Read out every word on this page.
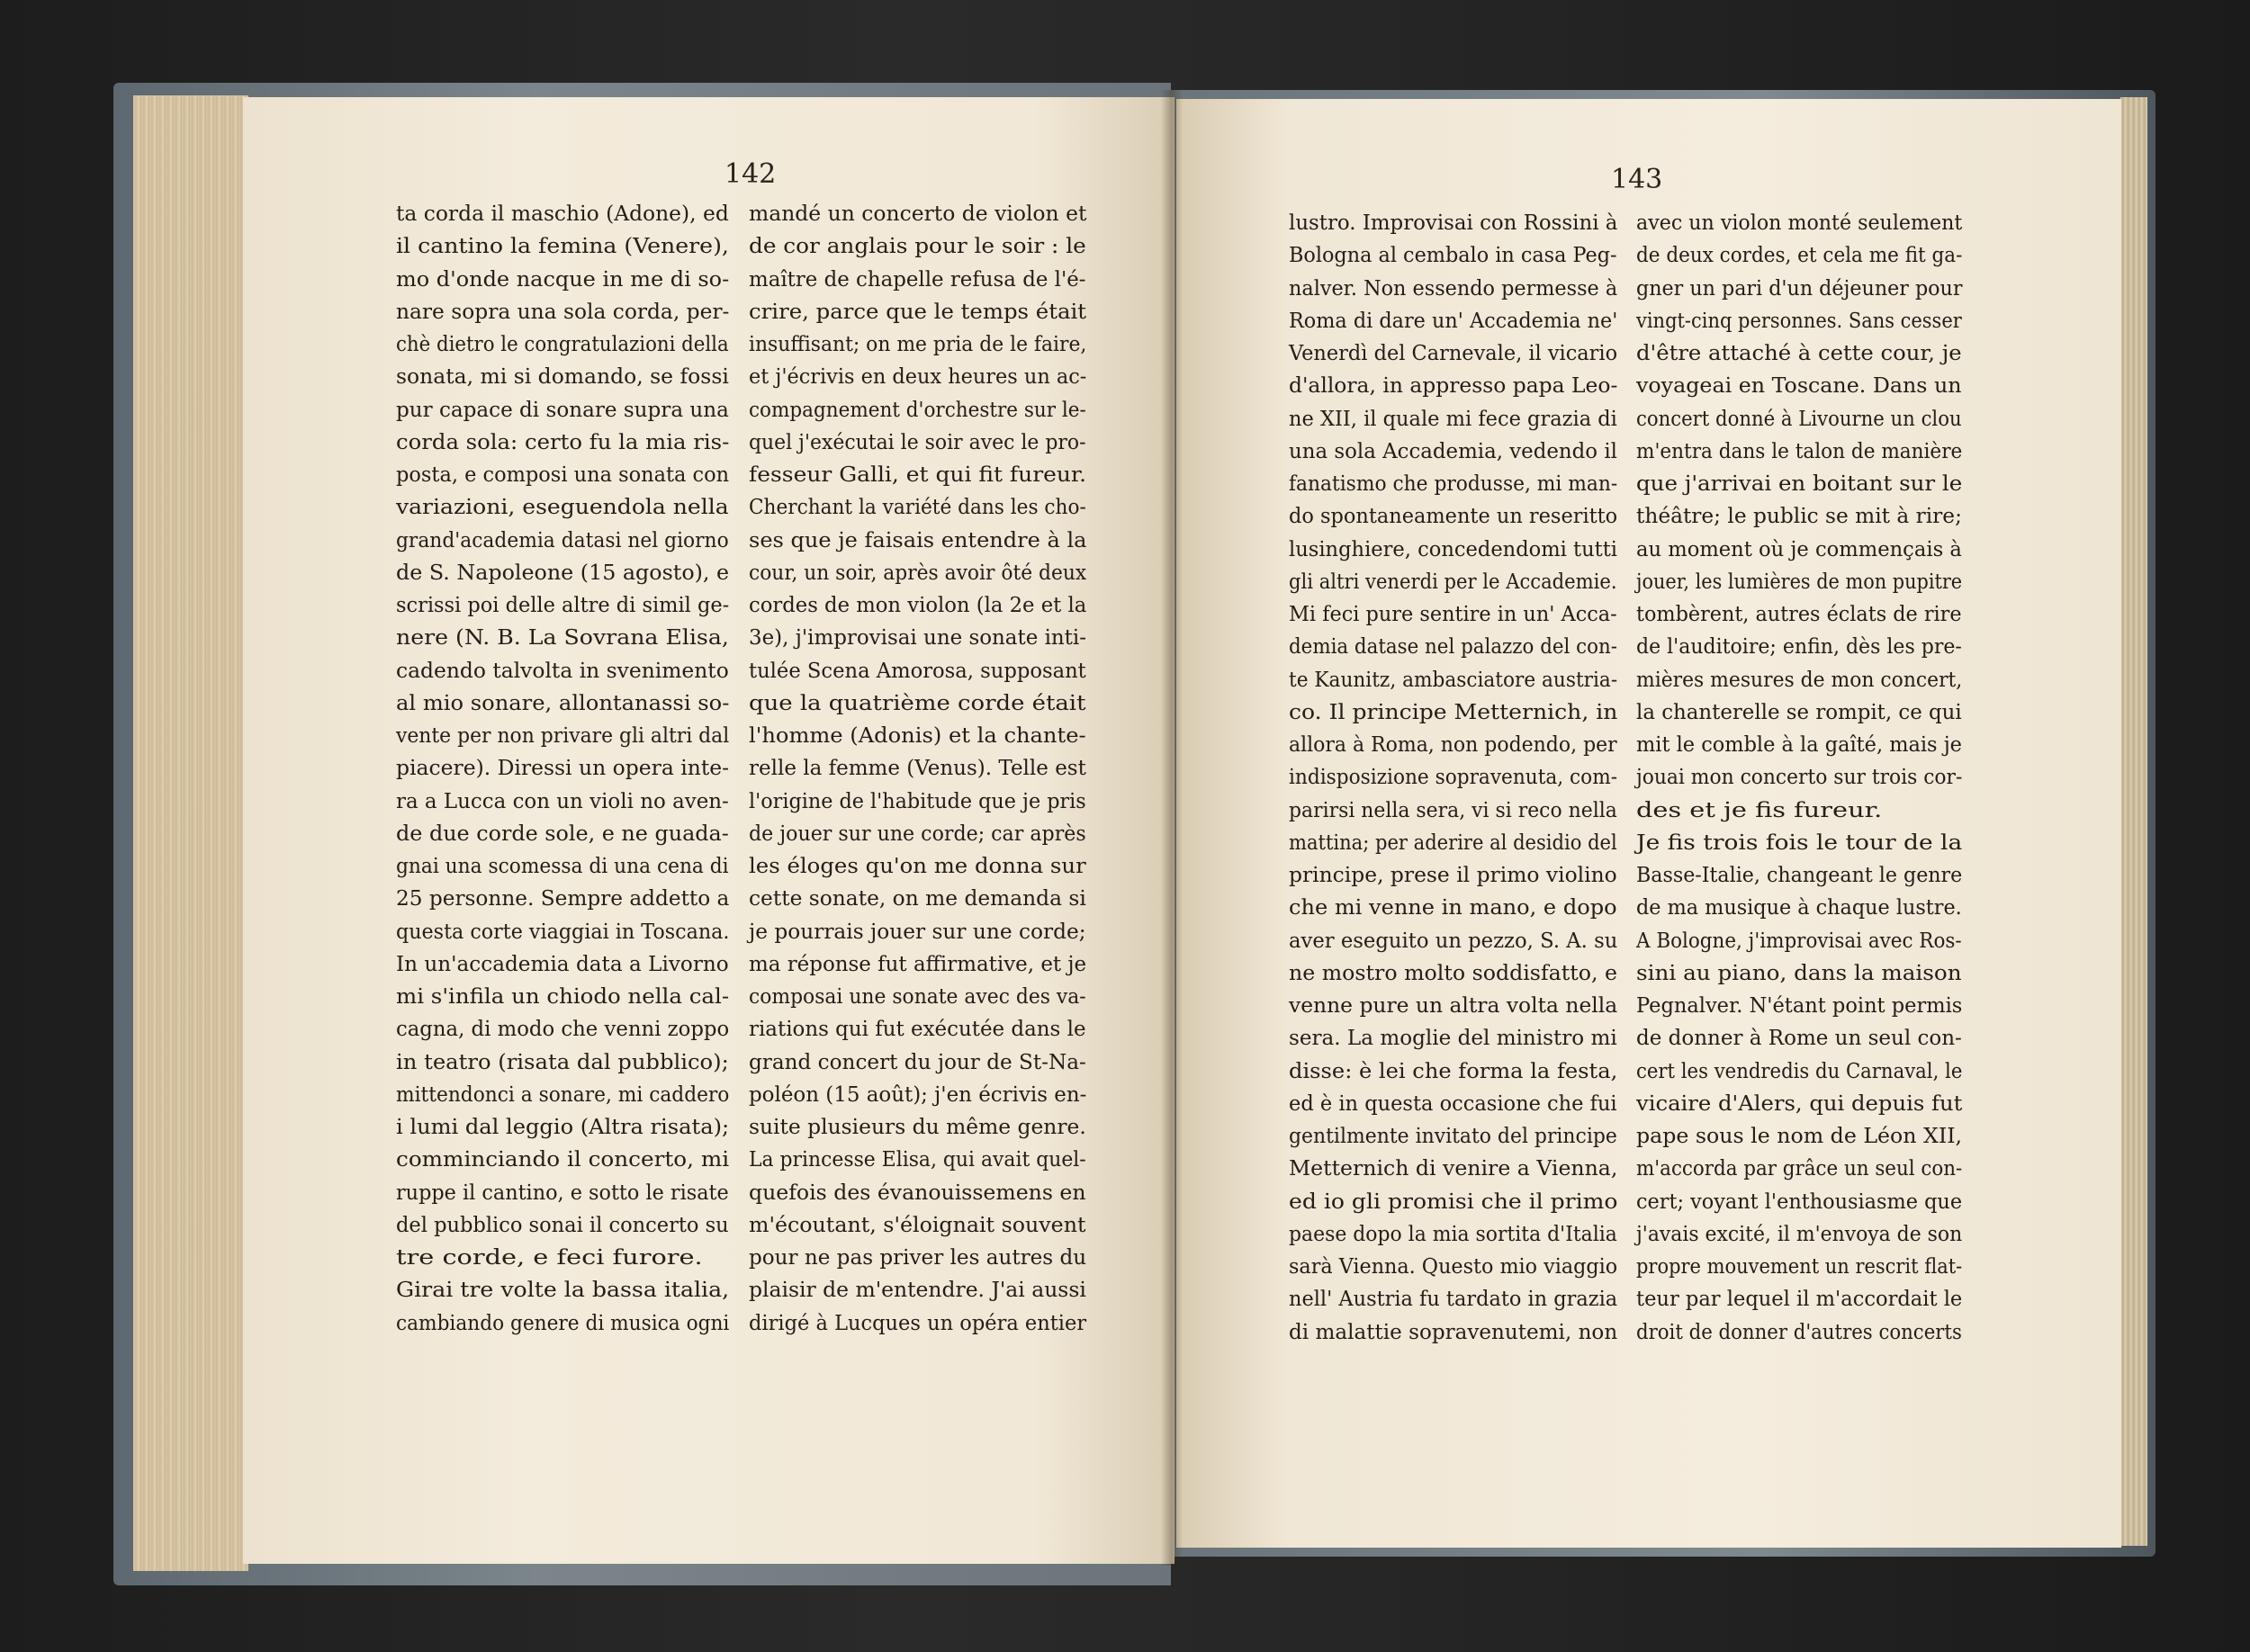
142	143
ta corda il maschio (Adone), ed
il cantino la femina (Venere),
mo d'onde nacque in me di so-
nare sopra una sola corda, per-
chè dietro le congratulazioni della
sonata, mi si domando, se fossi
pur capace di sonare supra una
corda sola: certo fu la mia ris-
posta, e composi una sonata con
variazioni, eseguendola nella
grand'academia datasi nel giorno
de S. Napoleone (15 agosto), e
scrissi poi delle altre di simil ge-
nere (N. B. La Sovrana Elisa,
cadendo talvolta in svenimento
al mio sonare, allontanassi so-
vente per non privare gli altri dal
piacere). Diressi un opera inte-
ra a Lucca con un violi no aven-
de due corde sole, e ne guada-
gnai una scomessa di una cena di
25 personne. Sempre addetto a
questa corte viaggiai in Toscana.
In un'accademia data a Livorno
mi s'infila un chiodo nella cal-
cagna, di modo che venni zoppo
in teatro (risata dal pubblico);
mittendonci a sonare, mi caddero
i lumi dal leggio (Altra risata);
comminciando il concerto, mi
ruppe il cantino, e sotto le risate
del pubblico sonai il concerto su
tre corde, e feci furore.
Girai tre volte la bassa italia,
cambiando genere di musica ogni
mandé un concerto de violon et
de cor anglais pour le soir : le
maître de chapelle refusa de l'é-
crire, parce que le temps était
insuffisant; on me pria de le faire,
et j'écrivis en deux heures un ac-
compagnement d'orchestre sur le-
quel j'exécutai le soir avec le pro-
fesseur Galli, et qui fit fureur.
Cherchant la variété dans les cho-
ses que je faisais entendre à la
cour, un soir, après avoir ôté deux
cordes de mon violon (la 2e et la
3e), j'improvisai une sonate inti-
tulée Scena Amorosa, supposant
que la quatrième corde était
l'homme (Adonis) et la chante-
relle la femme (Venus). Telle est
l'origine de l'habitude que je pris
de jouer sur une corde; car après
les éloges qu'on me donna sur
cette sonate, on me demanda si
je pourrais jouer sur une corde;
ma réponse fut affirmative, et je
composai une sonate avec des va-
riations qui fut exécutée dans le
grand concert du jour de St-Na-
poléon (15 août); j'en écrivis en-
suite plusieurs du même genre.
La princesse Elisa, qui avait quel-
quefois des évanouissemens en
m'écoutant, s'éloignait souvent
pour ne pas priver les autres du
plaisir de m'entendre. J'ai aussi
dirigé à Lucques un opéra entier
lustro. Improvisai con Rossini à
Bologna al cembalo in casa Peg-
nalver. Non essendo permesse à
Roma di dare un' Accademia ne'
Venerdì del Carnevale, il vicario
d'allora, in appresso papa Leo-
ne XII, il quale mi fece grazia di
una sola Accademia, vedendo il
fanatismo che produsse, mi man-
do spontaneamente un reseritto
lusinghiere, concedendomi tutti
gli altri venerdi per le Accademie.
Mi feci pure sentire in un' Acca-
demia datase nel palazzo del con-
te Kaunitz, ambasciatore austria-
co. Il principe Metternich, in
allora à Roma, non podendo, per
indisposizione sopravenuta, com-
parirsi nella sera, vi si reco nella
mattina; per aderire al desidio del
principe, prese il primo violino
che mi venne in mano, e dopo
aver eseguito un pezzo, S. A. su
ne mostro molto soddisfatto, e
venne pure un altra volta nella
sera. La moglie del ministro mi
disse: è lei che forma la festa,
ed è in questa occasione che fui
gentilmente invitato del principe
Metternich di venire a Vienna,
ed io gli promisi che il primo
paese dopo la mia sortita d'Italia
sarà Vienna. Questo mio viaggio
nell' Austria fu tardato in grazia
di malattie sopravenutemi, non
avec un violon monté seulement
de deux cordes, et cela me fit ga-
gner un pari d'un déjeuner pour
vingt-cinq personnes. Sans cesser
d'être attaché à cette cour, je
voyageai en Toscane. Dans un
concert donné à Livourne un clou
m'entra dans le talon de manière
que j'arrivai en boitant sur le
théâtre; le public se mit à rire;
au moment où je commençais à
jouer, les lumières de mon pupitre
tombèrent, autres éclats de rire
de l'auditoire; enfin, dès les pre-
mières mesures de mon concert,
la chanterelle se rompit, ce qui
mit le comble à la gaîté, mais je
jouai mon concerto sur trois cor-
des et je fis fureur.
Je fis trois fois le tour de la
Basse-Italie, changeant le genre
de ma musique à chaque lustre.
A Bologne, j'improvisai avec Ros-
sini au piano, dans la maison
Pegnalver. N'étant point permis
de donner à Rome un seul con-
cert les vendredis du Carnaval, le
vicaire d'Alers, qui depuis fut
pape sous le nom de Léon XII,
m'accorda par grâce un seul con-
cert; voyant l'enthousiasme que
j'avais excité, il m'envoya de son
propre mouvement un rescrit flat-
teur par lequel il m'accordait le
droit de donner d'autres concerts
